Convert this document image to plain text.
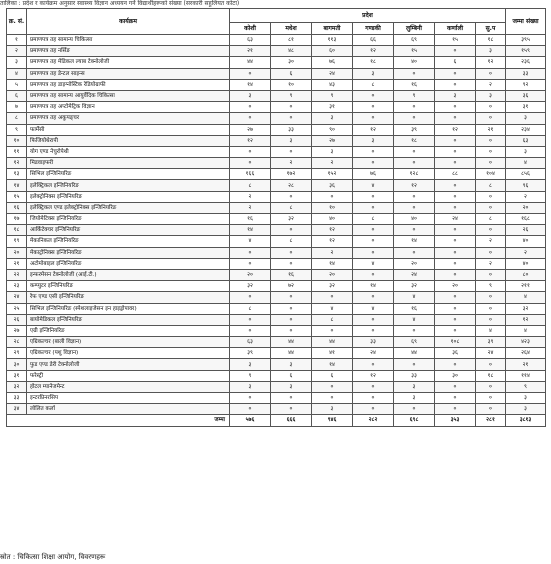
तालिका : प्रदेश र कार्यक्रम अनुसार स्वास्थ्य विज्ञान अध्ययन गर्ने विद्यार्थीहरूको संख्या (सरकारी सहुलियत कोटा)
क्र. सं.	कार्यक्रम	प्रदेश							जम्मा संख्या
		कोशी	मधेश	बागमती	गण्डकी	लुम्बिनी	कर्णाली	सु.प	
१	प्रमाणपत्र तह सामान्य चिकित्सा	६३	८१	११३	६६	६९	१५	१८	३९५
२	प्रमाणपत्र तह नर्सिङ	२१	४८	६०	१२	१५	०	३	१५९
३	प्रमाणपत्र तह मेडिकल ल्याब टेक्नोलोजी	४४	३०	७६	१८	४०	६	१२	२३६
४	प्रमाणपत्र तह डेन्टल साइन्स	०	६	२४	३	०	०	०	३३
५	प्रमाणपत्र तह डाइग्नोस्टिक रेडियोग्राफी	१४	१०	४३	८	१६	०	२	९२
६	प्रमाणपत्र तह सामान्य आयुर्वेदिक चिकित्सा	३	९	९	०	९	३	३	३६
७	प्रमाणपत्र तह अप्टोमेट्रिक विज्ञान	०	०	३१	०	०	०	०	३१
८	प्रमाणपत्र तह अकुपङ्चर	०	०	३	०	०	०	०	३
९	फार्मेसी	२७	३३	९०	१२	३९	१२	२१	२३४
१०	फिजियोथेरापी	१२	३	२७	३	१८	०	०	६३
११	योग एण्ड नेचुरोपेथी	०	०	३	०	०	०	०	३
१२	मिडवाइफरी	०	२	२	०	०	०	०	४
१३	सिभिल इन्जिनियरिङ	१६६	१७२	१५२	७६	१२८	८८	१०४	८५६
१४	इलेक्ट्रिकल इन्जिनियरिङ	८	२८	३६	४	१२	०	८	९६
१५	इलेक्ट्रोनिक्स इन्जिनियरिङ	२	०	०	०	०	०	०	२
१६	इलेक्ट्रिकल एण्ड इलेक्ट्रोनिक्स इन्जिनियरिङ	२	८	१०	०	०	०	०	२०
१७	जियोमेटिक्स इन्जिनियरिङ	१६	३२	४०	८	४०	२४	८	१६८
१८	आर्किटेक्चर इन्जिनियरिङ	१४	०	१२	०	०	०	०	२६
१९	मेकानिकल इन्जिनियरिङ	४	८	१२	०	१४	०	२	४०
२०	मेकाट्रोनिक्स इन्जिनियरिङ	०	०	२	०	०	०	०	२
२१	अटोमोबाइल इन्जिनियरिङ	०	०	१४	४	२०	०	२	४०
२२	इन्फरमेसन टेक्नोलोजी (आई.टी.)	२०	१६	२०	०	२४	०	०	८०
२३	कम्प्युटर इन्जिनियरिङ	३२	७२	३२	१४	३२	२०	९	२११
२४	रेफ एण्ड एसी इन्जिनियरिङ	०	०	०	०	४	०	०	४
२५	सिभिल इन्जिनियरिङ (स्पेशलाइजेसन इन हाइड्रोपावर)	८	०	४	४	१६	०	०	३२
२६	बायोमेडिकल इन्जिनियरिङ	०	०	८	०	४	०	०	१२
२७	एग्री इन्जिनियरिङ	०	०	०	०	०	०	४	४
२८	एग्रिकल्चर (बाली विज्ञान)	६३	४४	४४	३३	६९	१०८	३९	४२३
२९	एग्रिकल्चर (पशु विज्ञान)	३९	४४	४१	२४	४४	३६	२४	२६४
३०	फुड एण्ड डेरी टेक्नोलोजी	३	३	१४	०	०	०	०	२१
३१	फरेस्ट्री	९	६	६	१२	३३	३०	१८	११४
३२	होटल म्यानेजमेन्ट	३	३	०	०	३	०	०	९
३३	इन्टरप्रिनरसिप	०	०	०	०	३	०	०	३
३४	लोलित कर्ला	०	०	३	०	०	०	०	३
जम्मा		५७६	६६६	९४६	२८२	६९८	३५३	२८१	३८१३
स्रोत : चिकित्सा शिक्षा आयोग, विवरणहरू
